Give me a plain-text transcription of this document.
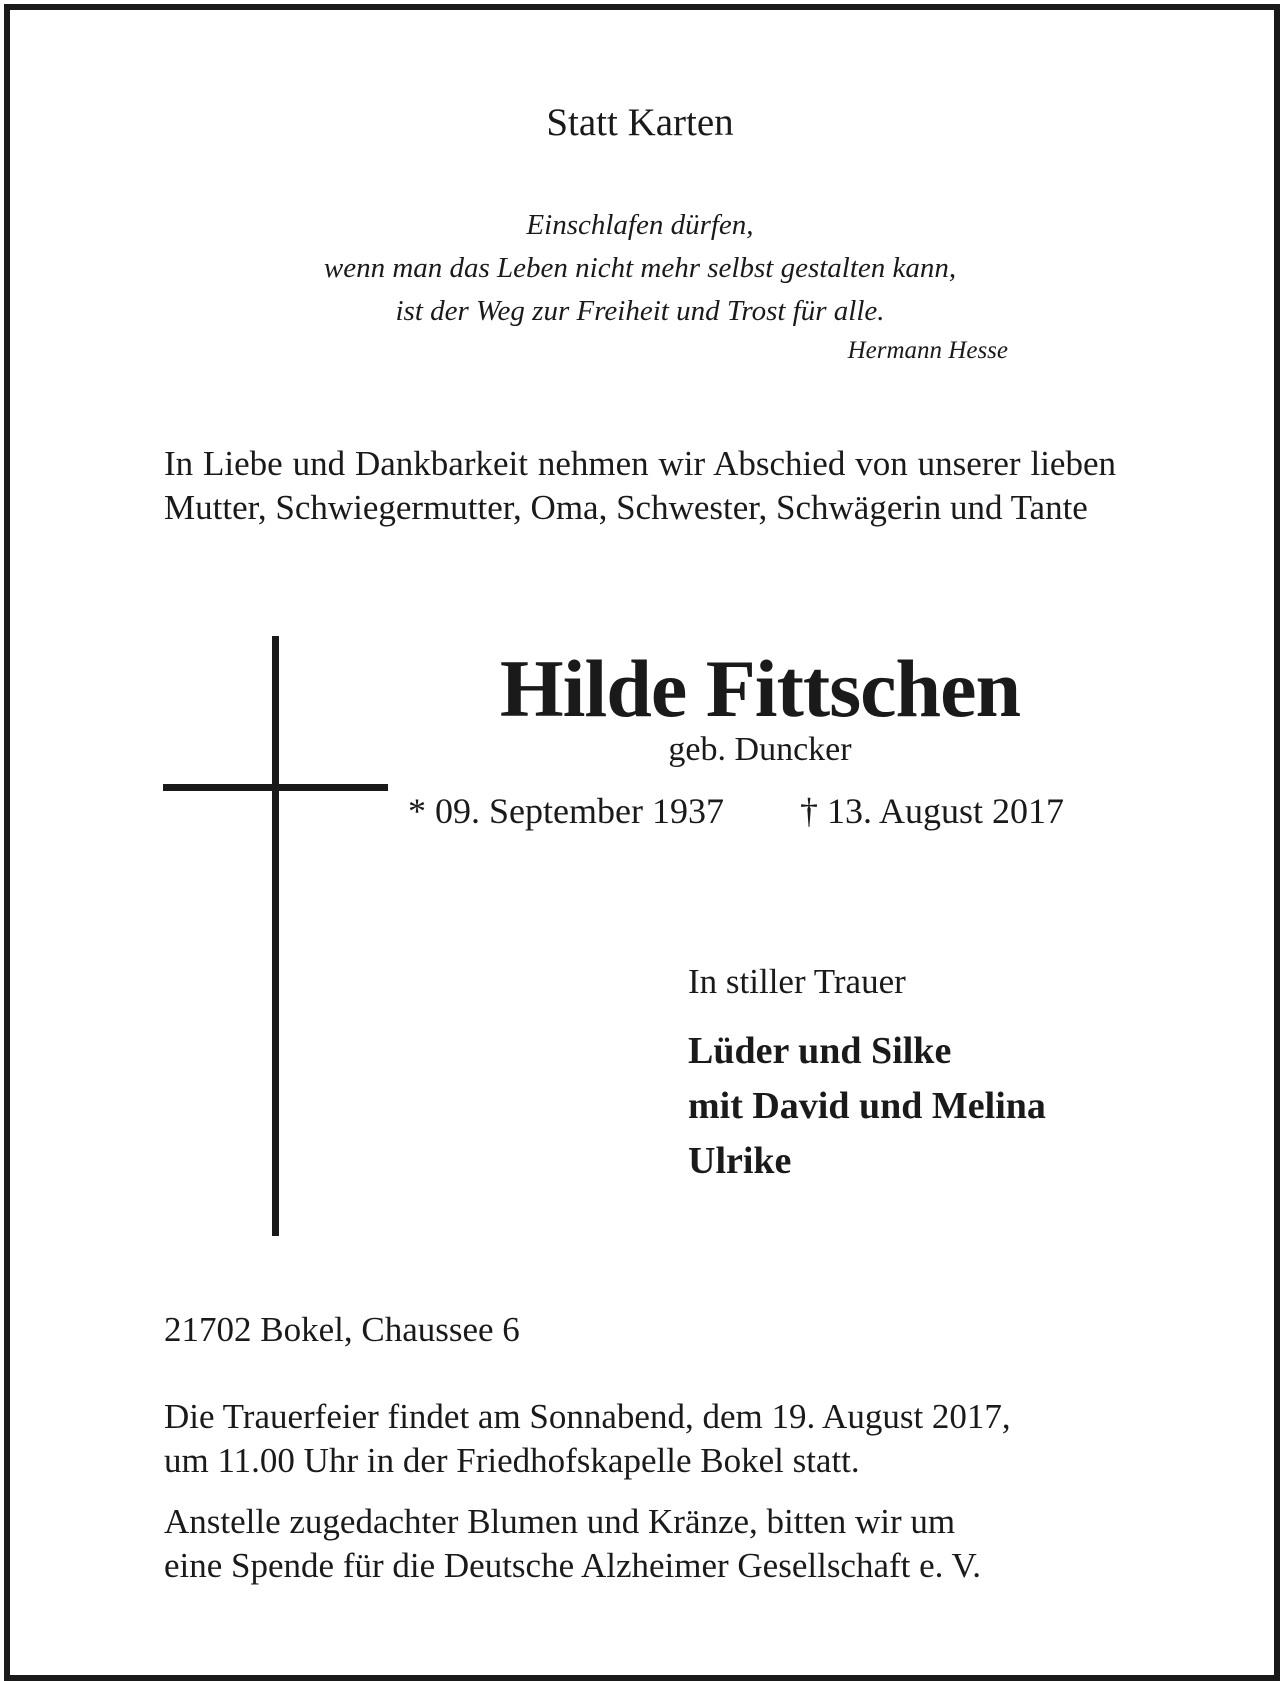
Statt Karten

Einschlafen dürfen,
wenn man das Leben nicht mehr selbst gestalten kann,
ist der Weg zur Freiheit und Trost für alle.

Hermann Hesse

In Liebe und Dankbarkeit nehmen wir Abschied von unserer lieben Mutter, Schwiegermutter, Oma, Schwester, Schwägerin und Tante

Hilde Fittschen

geb. Duncker

* 09. September 1937 † 13. August 2017

In stiller Trauer

Lüder und Silke
mit David und Melina
Ulrike

21702 Bokel, Chaussee 6

Die Trauerfeier findet am Sonnabend, dem 19. August 2017,
um 11.00 Uhr in der Friedhofskapelle Bokel statt.
Anstelle zugedachter Blumen und Kränze, bitten wir um
eine Spende für die Deutsche Alzheimer Gesellschaft e. V.
